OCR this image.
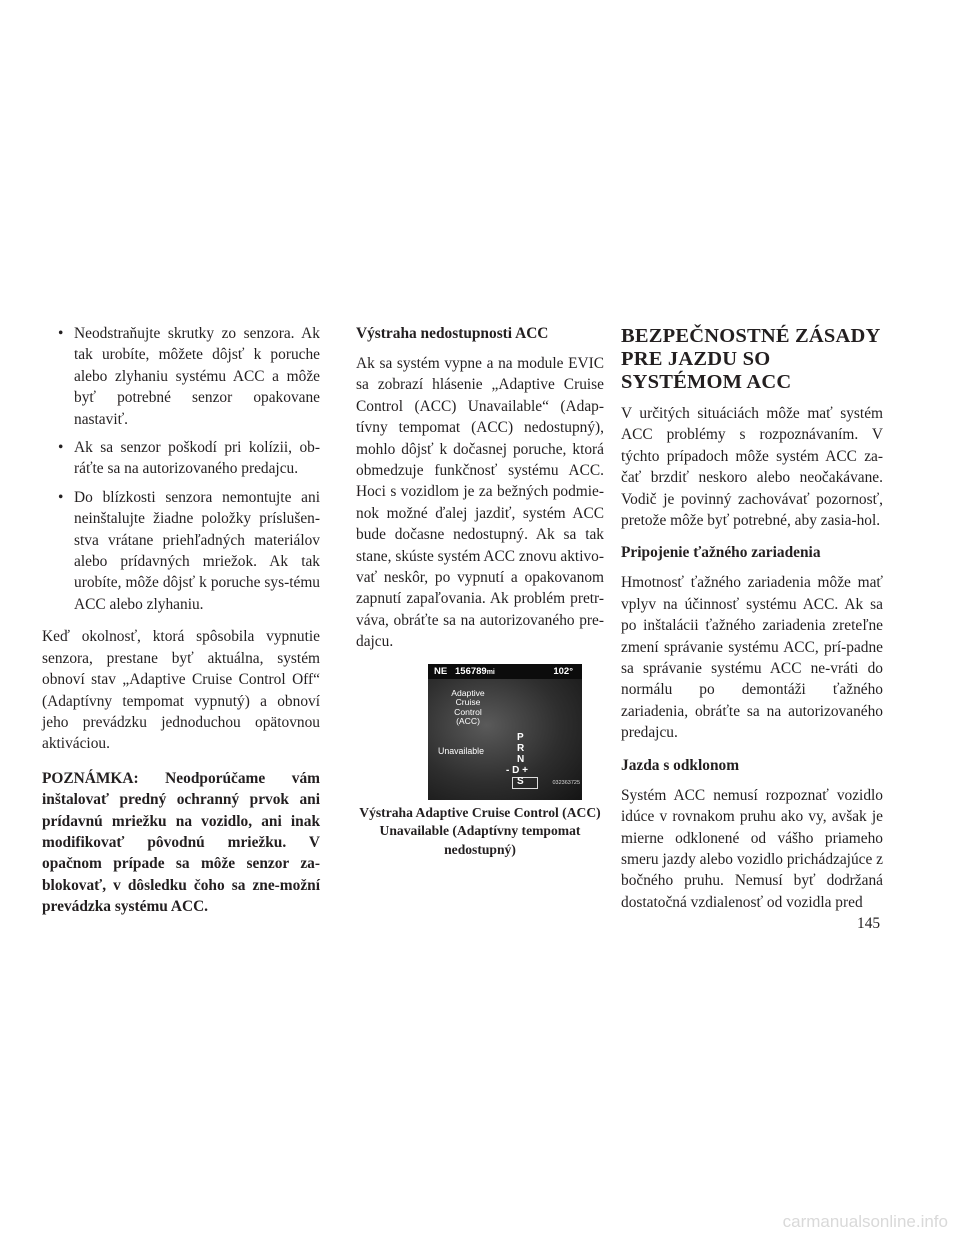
• Neodstraňujte skrutky zo senzora. Ak tak urobíte, môžete dôjsť k poruche alebo zlyhaniu systému ACC a môže byť potrebné senzor opakovane nastaviť.

• Ak sa senzor poškodí pri kolízii, ob-ráťte sa na autorizovaného predajcu.

• Do blízkosti senzora nemontujte ani neinštalujte žiadne položky príslušen-stva vrátane priehľadných materiálov alebo prídavných mriežok. Ak tak urobíte, môže dôjsť k poruche sys-tému ACC alebo zlyhaniu.

Keď okolnosť, ktorá spôsobila vypnutie senzora, prestane byť aktuálna, systém obnoví stav „Adaptive Cruise Control Off“ (Adaptívny tempomat vypnutý) a obnoví jeho prevádzku jednoduchou opätovnou aktiváciou.

POZNÁMKA: Neodporúčame vám inštalovať predný ochranný prvok ani prídavnú mriežku na vozidlo, ani inak modifikovať pôvodnú mriežku. V opačnom prípade sa môže senzor za-blokovať, v dôsledku čoho sa zne-možní prevádzka systému ACC.

Výstraha nedostupnosti ACC

Ak sa systém vypne a na module EVIC sa zobrazí hlásenie „Adaptive Cruise Control (ACC) Unavailable“ (Adap-tívny tempomat (ACC) nedostupný), mohlo dôjsť k dočasnej poruche, ktorá obmedzuje funkčnosť systému ACC. Hoci s vozidlom je za bežných podmie-nok možné ďalej jazdiť, systém ACC bude dočasne nedostupný. Ak sa tak stane, skúste systém ACC znovu aktivo-vať neskôr, po vypnutí a opakovanom zapnutí zapaľovania. Ak problém pretr-váva, obráťte sa na autorizovaného pre-dajcu.

NE 156789mi	102°
Adaptive
Cruise
Control
(ACC)
Unavailable
P
R
N
- D +
S	032363725
Výstraha Adaptive Cruise Control (ACC)
Unavailable (Adaptívny tempomat
nedostupný)
BEZPEČNOSTNÉ ZÁSADY
PRE JAZDU SO
SYSTÉMOM ACC

V určitých situáciách môže mať systém ACC problémy s rozpoznávaním. V týchto prípadoch môže systém ACC za-čať brzdiť neskoro alebo neočakávane. Vodič je povinný zachovávať pozornosť, pretože môže byť potrebné, aby zasia-hol.

Pripojenie ťažného zariadenia

Hmotnosť ťažného zariadenia môže mať vplyv na účinnosť systému ACC. Ak sa po inštalácii ťažného zariadenia zreteľne zmení správanie systému ACC, prí-padne sa správanie systému ACC ne-vráti do normálu po demontáži ťažného zariadenia, obráťte sa na autorizovaného predajcu.

Jazda s odklonom

Systém ACC nemusí rozpoznať vozidlo idúce v rovnakom pruhu ako vy, avšak je mierne odklonené od vášho priameho smeru jazdy alebo vozidlo prichádzajúce z bočného pruhu. Nemusí byť dodržaná dostatočná vzdialenosť od vozidla pred

145
carmanualsonline.info
